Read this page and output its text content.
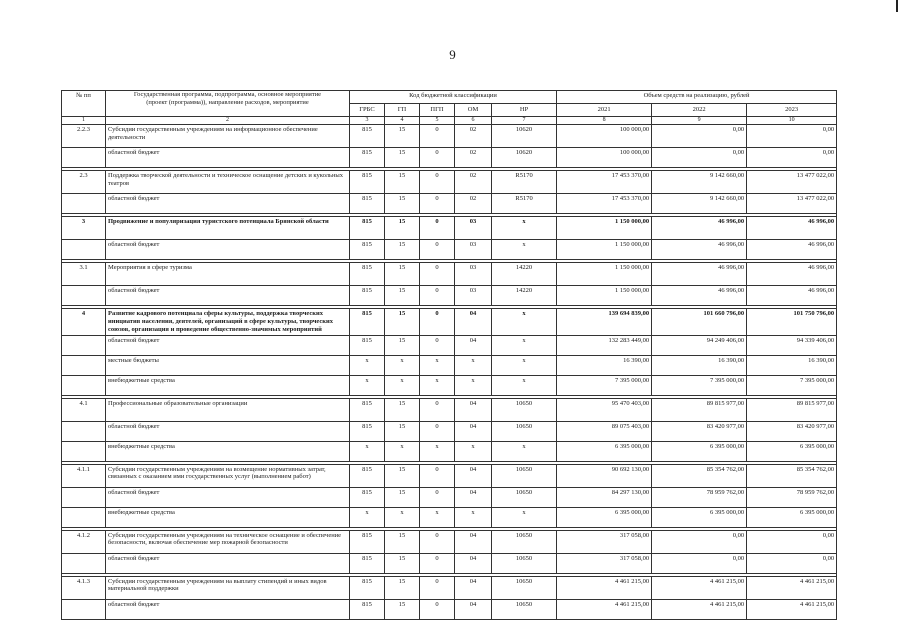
9
№ пп	Государственная программа, подпрограмма, основное мероприятие (проект (программа)), направление расходов, мероприятие	Код бюджетной классификации					Объем средств на реализацию, рублей		
		ГРБС	ГП	ПГП	ОМ	НР	2021	2022	2023
1	2	3	4	5	6	7	8	9	10
2.2.3	Субсидии государственным учреждениям на информационное обеспечение деятельности	815	15	0	02	10620	100 000,00	0,00	0,00
	областной бюджет	815	15	0	02	10620	100 000,00	0,00	0,00

2.3	Поддержка творческой деятельности и техническое оснащение детских и кукольных театров	815	15	0	02	R5170	17 453 370,00	9 142 660,00	13 477 022,00
	областной бюджет	815	15	0	02	R5170	17 453 370,00	9 142 660,00	13 477 022,00

3	Продвижение и популяризация туристского потенциала Брянской области	815	15	0	03	х	1 150 000,00	46 996,00	46 996,00
	областной бюджет	815	15	0	03	х	1 150 000,00	46 996,00	46 996,00

3.1	Мероприятия в сфере туризма	815	15	0	03	14220	1 150 000,00	46 996,00	46 996,00
	областной бюджет	815	15	0	03	14220	1 150 000,00	46 996,00	46 996,00

4	Развитие кадрового потенциала сферы культуры, поддержка творческих инициатив населения, деятелей, организаций в сфере культуры, творческих союзов, организация и проведение общественно-значимых мероприятий	815	15	0	04	х	139 694 839,00	101 660 796,00	101 750 796,00
	областной бюджет	815	15	0	04	х	132 283 449,00	94 249 406,00	94 339 406,00
	местные бюджеты	х	х	х	х	х	16 390,00	16 390,00	16 390,00
	внебюджетные средства	х	х	х	х	х	7 395 000,00	7 395 000,00	7 395 000,00

4.1	Профессиональные образовательные организации	815	15	0	04	10650	95 470 403,00	89 815 977,00	89 815 977,00
	областной бюджет	815	15	0	04	10650	89 075 403,00	83 420 977,00	83 420 977,00
	внебюджетные средства	х	х	х	х	х	6 395 000,00	6 395 000,00	6 395 000,00

4.1.1	Субсидии государственным учреждениям на возмещение нормативных затрат, связанных с оказанием ими государственных услуг (выполнением работ)	815	15	0	04	10650	90 692 130,00	85 354 762,00	85 354 762,00
	областной бюджет	815	15	0	04	10650	84 297 130,00	78 959 762,00	78 959 762,00
	внебюджетные средства	х	х	х	х	х	6 395 000,00	6 395 000,00	6 395 000,00

4.1.2	Субсидии государственным учреждениям на техническое оснащение и обеспечение безопасности, включая обеспечение мер пожарной безопасности	815	15	0	04	10650	317 058,00	0,00	0,00
	областной бюджет	815	15	0	04	10650	317 058,00	0,00	0,00

4.1.3	Субсидии государственным учреждениям на выплату стипендий и иных видов материальной поддержки	815	15	0	04	10650	4 461 215,00	4 461 215,00	4 461 215,00
	областной бюджет	815	15	0	04	10650	4 461 215,00	4 461 215,00	4 461 215,00
